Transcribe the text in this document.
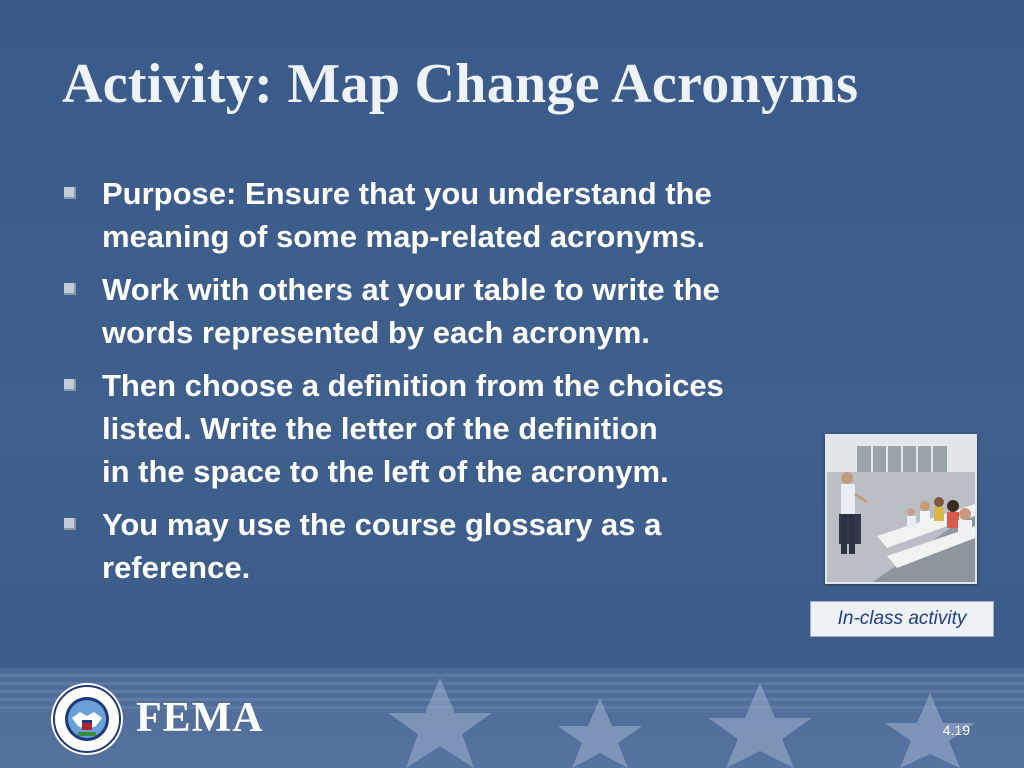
Activity: Map Change Acronyms
Purpose: Ensure that you understand the
meaning of some map-related acronyms.
Work with others at your table to write the
words represented by each acronym.
Then choose a definition from the choices
listed. Write the letter of the definition
in the space to the left of the acronym.
You may use the course glossary as a
reference.
In-class activity
FEMA	4.19
